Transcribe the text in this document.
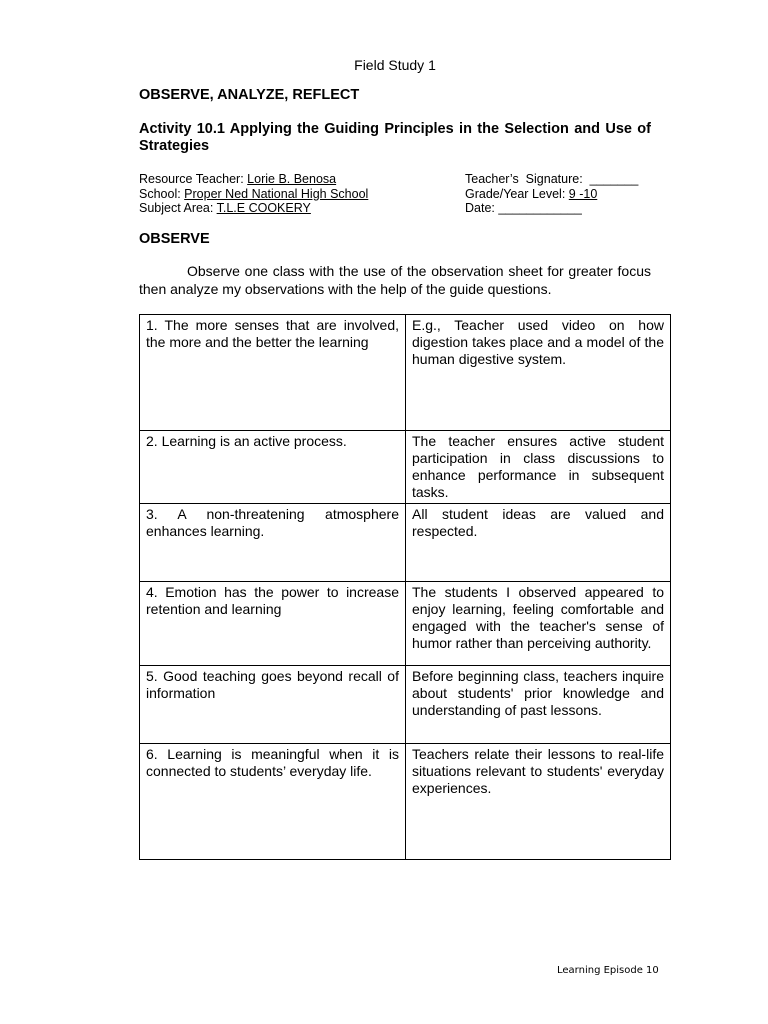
Field Study 1
OBSERVE, ANALYZE, REFLECT
Activity 10.1 Applying the Guiding Principles in the Selection and Use of Strategies
Resource Teacher: Lorie B. Benosa
School: Proper Ned National High School
Subject Area: T.L.E COOKERY
Teacher’s  Signature:  _______
Grade/Year Level: 9 -10
Date: ____________
OBSERVE
Observe one class with the use of the observation sheet for greater focus then analyze my observations with the help of the guide questions.
1. The more senses that are involved, the more and the better the learning	E.g., Teacher used video on how digestion takes place and a model of the human digestive system.
2. Learning is an active process.	The teacher ensures active student participation in class discussions to enhance performance in subsequent tasks.
3. A non-threatening atmosphere enhances learning.	All student ideas are valued and respected.
4. Emotion has the power to increase retention and learning	The students I observed appeared to enjoy learning, feeling comfortable and engaged with the teacher's sense of humor rather than perceiving authority.
5. Good teaching goes beyond recall of information	Before beginning class, teachers inquire about students' prior knowledge and understanding of past lessons.
6. Learning is meaningful when it is connected to students’ everyday life.	Teachers relate their lessons to real-life situations relevant to students' everyday experiences.
Learning Episode 10
